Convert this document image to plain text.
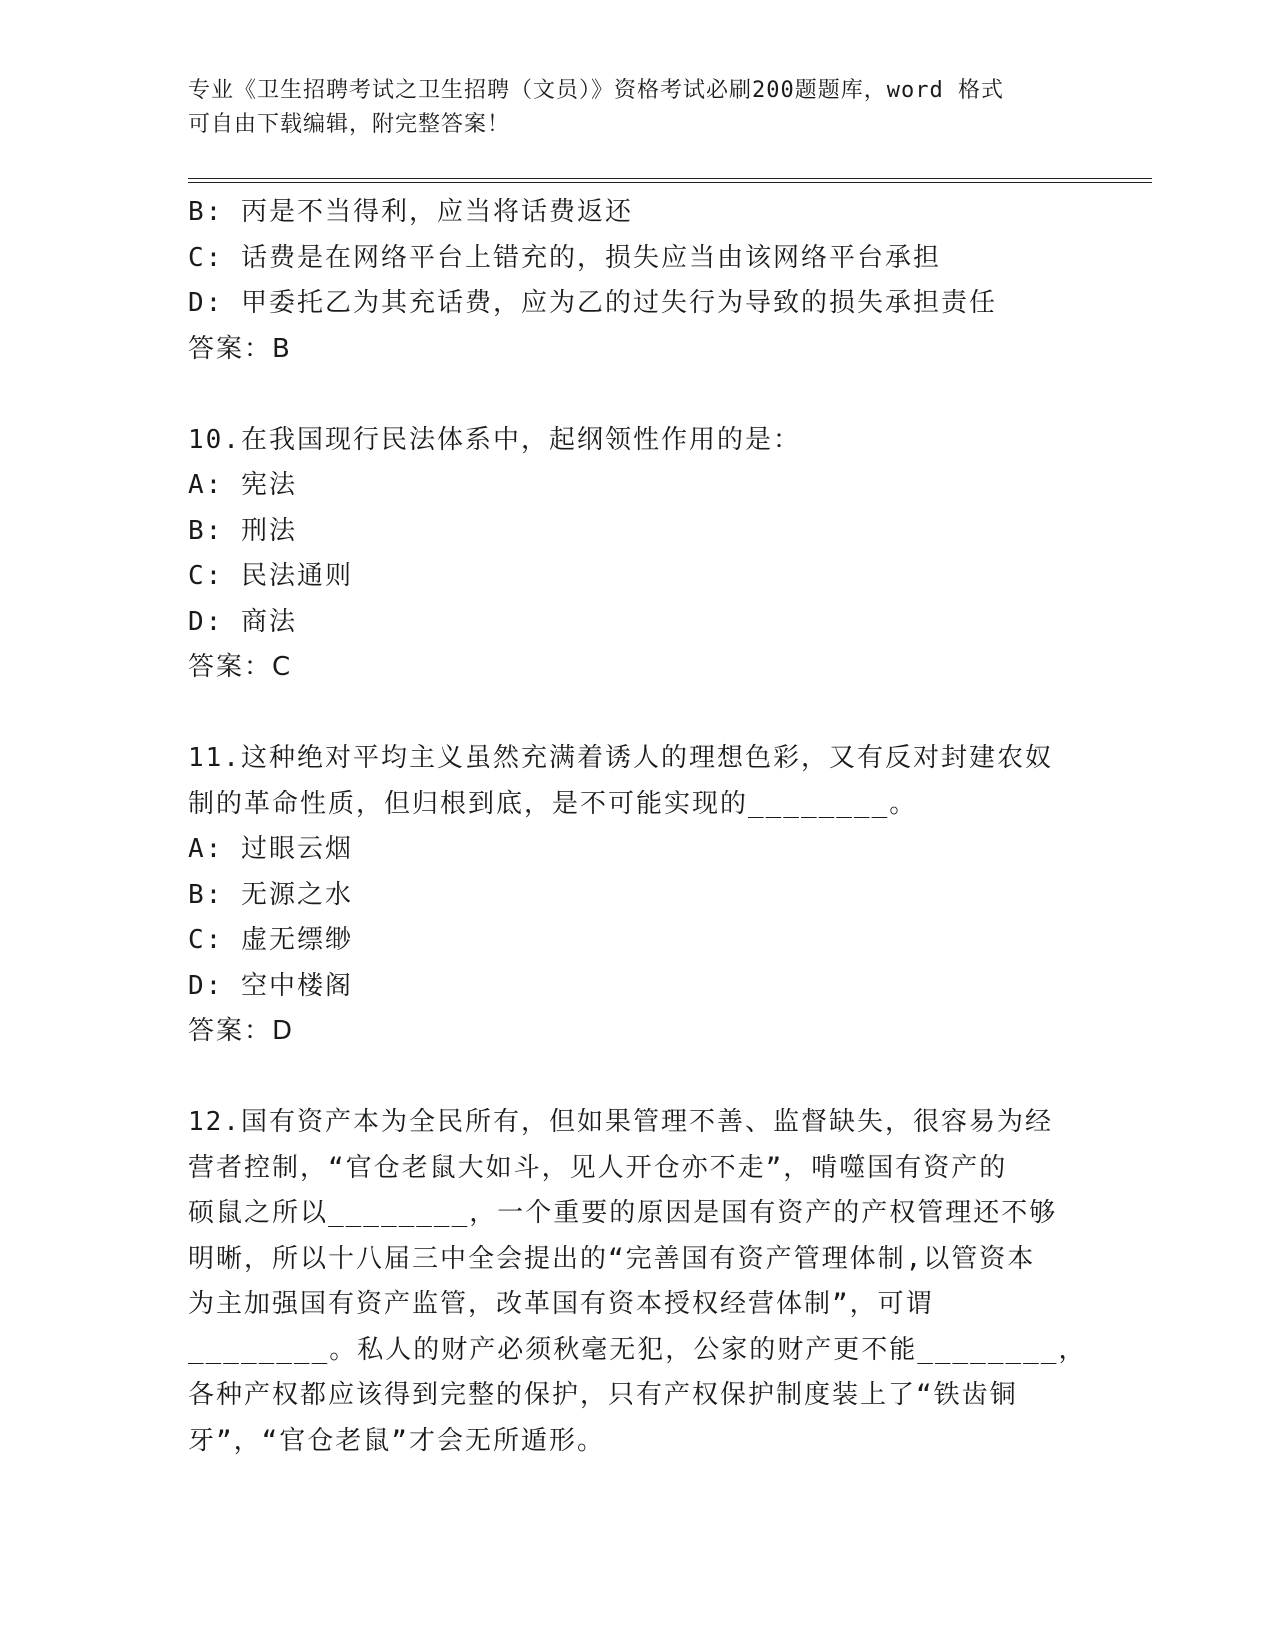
专业《卫生招聘考试之卫生招聘（文员）》资格考试必刷200题题库，word 格式
可自由下载编辑，附完整答案！
B: 丙是不当得利，应当将话费返还
C: 话费是在网络平台上错充的，损失应当由该网络平台承担
D: 甲委托乙为其充话费，应为乙的过失行为导致的损失承担责任
答案：B
10.在我国现行民法体系中，起纲领性作用的是：
A: 宪法
B: 刑法
C: 民法通则
D: 商法
答案：C
11.这种绝对平均主义虽然充满着诱人的理想色彩，又有反对封建农奴
制的革命性质，但归根到底，是不可能实现的________。
A: 过眼云烟
B: 无源之水
C: 虚无缥缈
D: 空中楼阁
答案：D
12.国有资产本为全民所有，但如果管理不善、监督缺失，很容易为经
营者控制，“官仓老鼠大如斗，见人开仓亦不走”，啃噬国有资产的
硕鼠之所以________，一个重要的原因是国有资产的产权管理还不够
明晰，所以十八届三中全会提出的“完善国有资产管理体制,以管资本
为主加强国有资产监管，改革国有资本授权经营体制”，可谓
________。私人的财产必须秋毫无犯，公家的财产更不能________，
各种产权都应该得到完整的保护，只有产权保护制度装上了“铁齿铜
牙”，“官仓老鼠”才会无所遁形。
